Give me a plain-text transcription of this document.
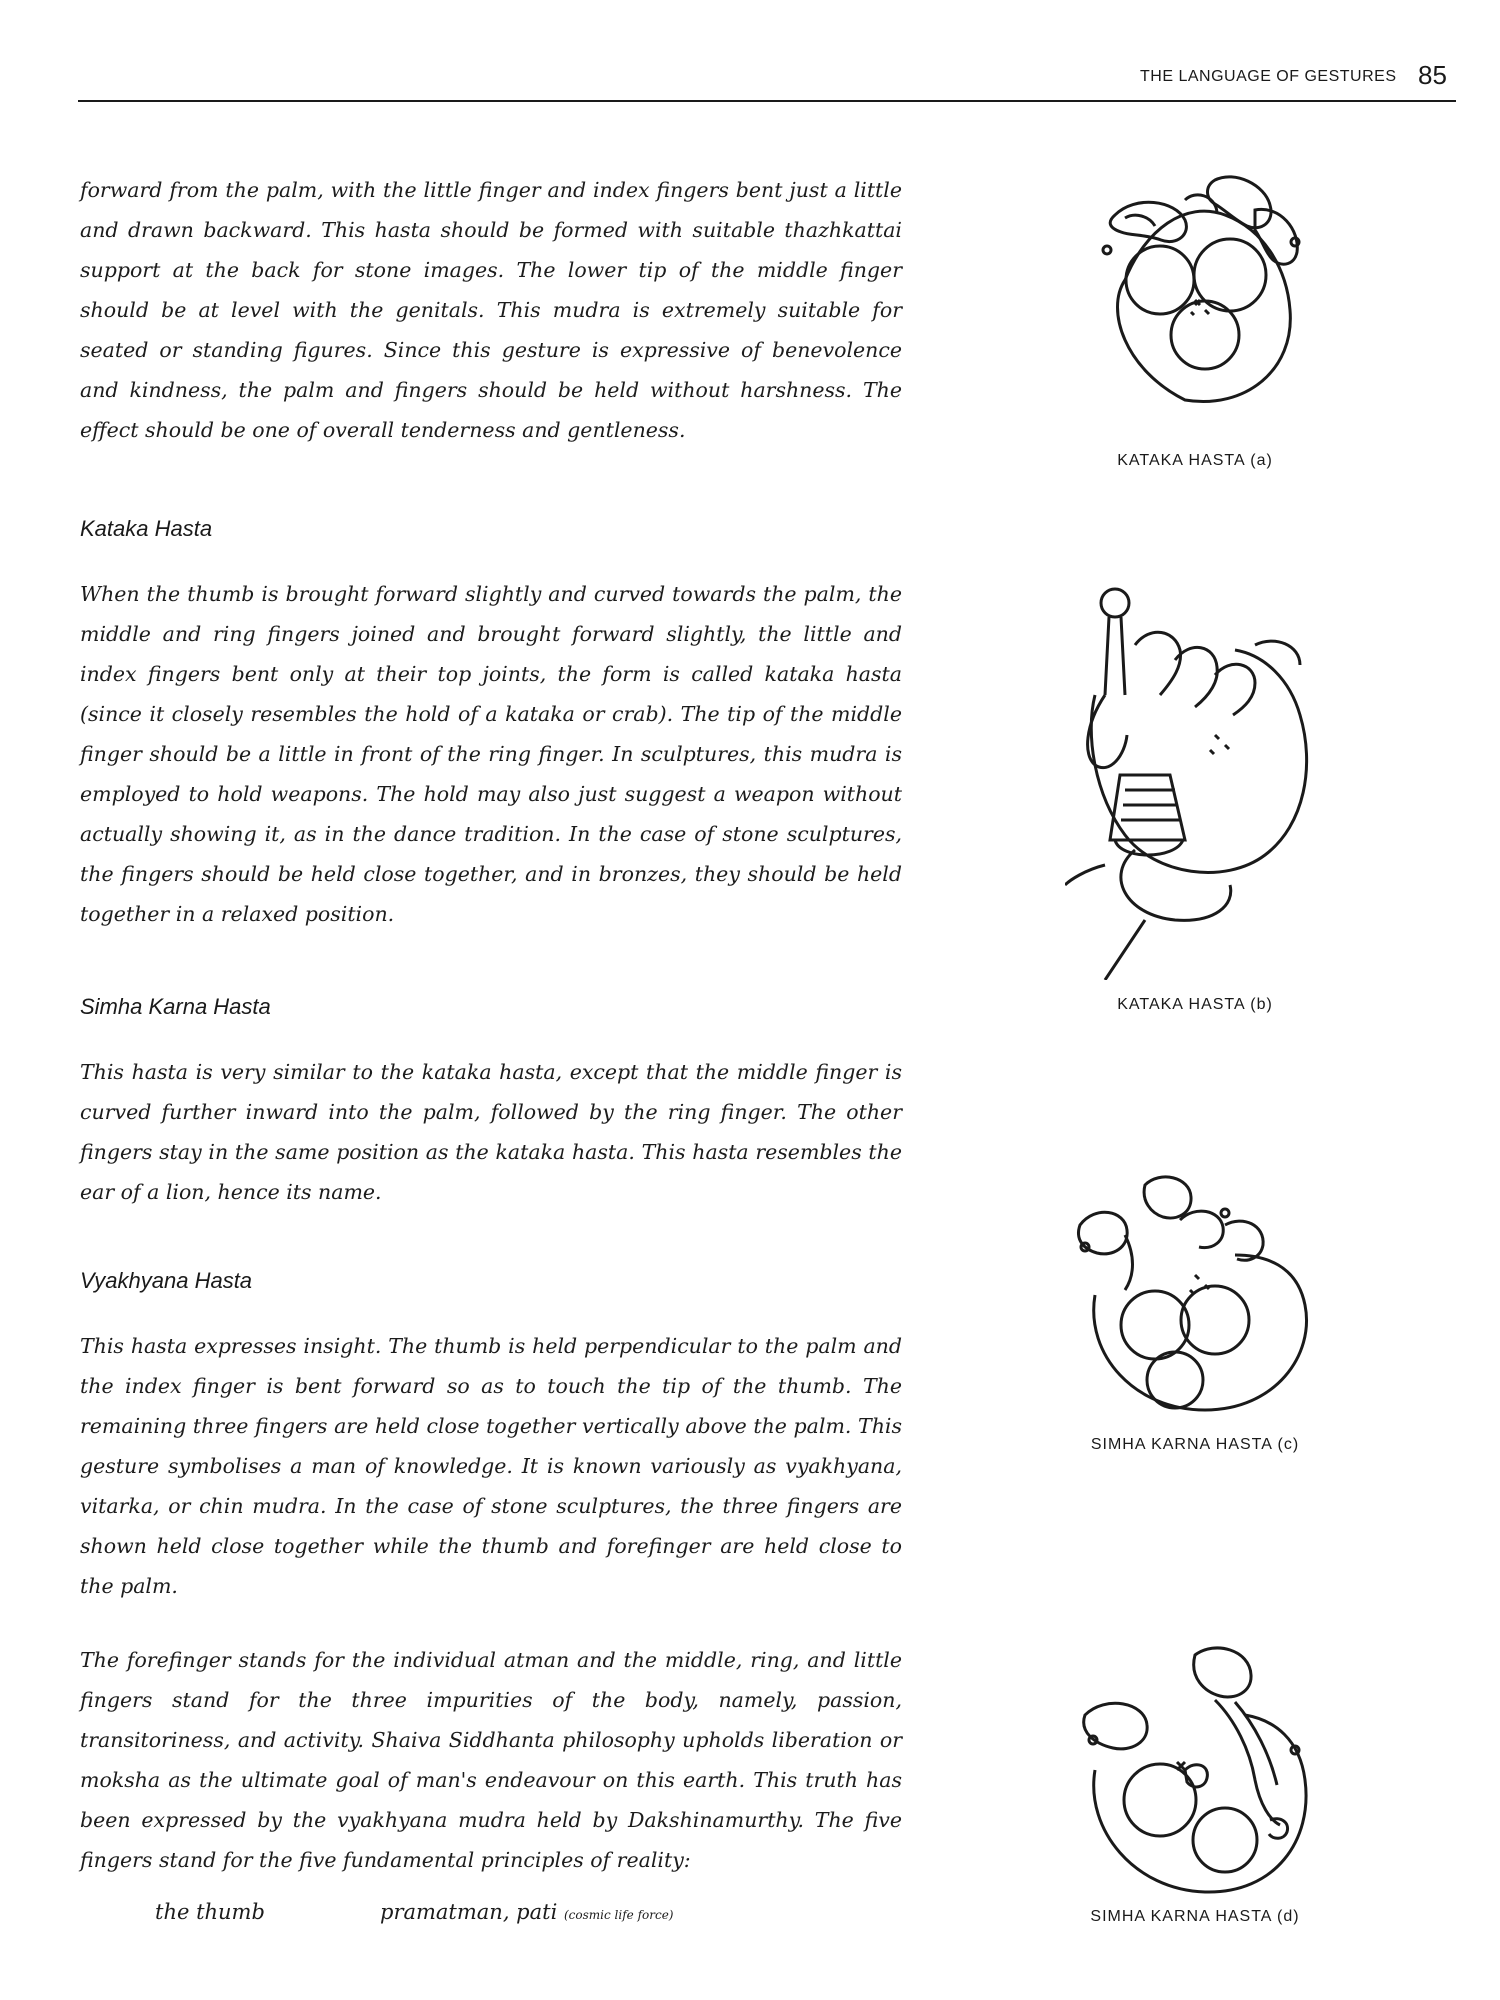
THE LANGUAGE OF GESTURES 85

forward from the palm, with the little finger and index fingers bent just a little and drawn backward. This hasta should be formed with suitable thazhkattai support at the back for stone images. The lower tip of the middle finger should be at level with the genitals. This mudra is extremely suitable for seated or standing figures. Since this gesture is expressive of benevolence and kindness, the palm and fingers should be held without harshness. The effect should be one of overall tenderness and gentleness.

Kataka Hasta

When the thumb is brought forward slightly and curved towards the palm, the middle and ring fingers joined and brought forward slightly, the little and index fingers bent only at their top joints, the form is called kataka hasta (since it closely resembles the hold of a kataka or crab). The tip of the middle finger should be a little in front of the ring finger. In sculptures, this mudra is employed to hold weapons. The hold may also just suggest a weapon without actually showing it, as in the dance tradition. In the case of stone sculptures, the fingers should be held close together, and in bronzes, they should be held together in a relaxed position.

Simha Karna Hasta

This hasta is very similar to the kataka hasta, except that the middle finger is curved further inward into the palm, followed by the ring finger. The other fingers stay in the same position as the kataka hasta. This hasta resembles the ear of a lion, hence its name.

Vyakhyana Hasta

This hasta expresses insight. The thumb is held perpendicular to the palm and the index finger is bent forward so as to touch the tip of the thumb. The remaining three fingers are held close together vertically above the palm. This gesture symbolises a man of knowledge. It is known variously as vyakhyana, vitarka, or chin mudra. In the case of stone sculptures, the three fingers are shown held close together while the thumb and forefinger are held close to the palm.

The forefinger stands for the individual atman and the middle, ring, and little fingers stand for the three impurities of the body, namely, passion, transitoriness, and activity. Shaiva Siddhanta philosophy upholds liberation or moksha as the ultimate goal of man's endeavour on this earth. This truth has been expressed by the vyakhyana mudra held by Dakshinamurthy. The five fingers stand for the five fundamental principles of reality:

the thumb	pramatman, pati (cosmic life force)
KATAKA HASTA (a)
KATAKA HASTA (b)
SIMHA KARNA HASTA (c)
SIMHA KARNA HASTA (d)
